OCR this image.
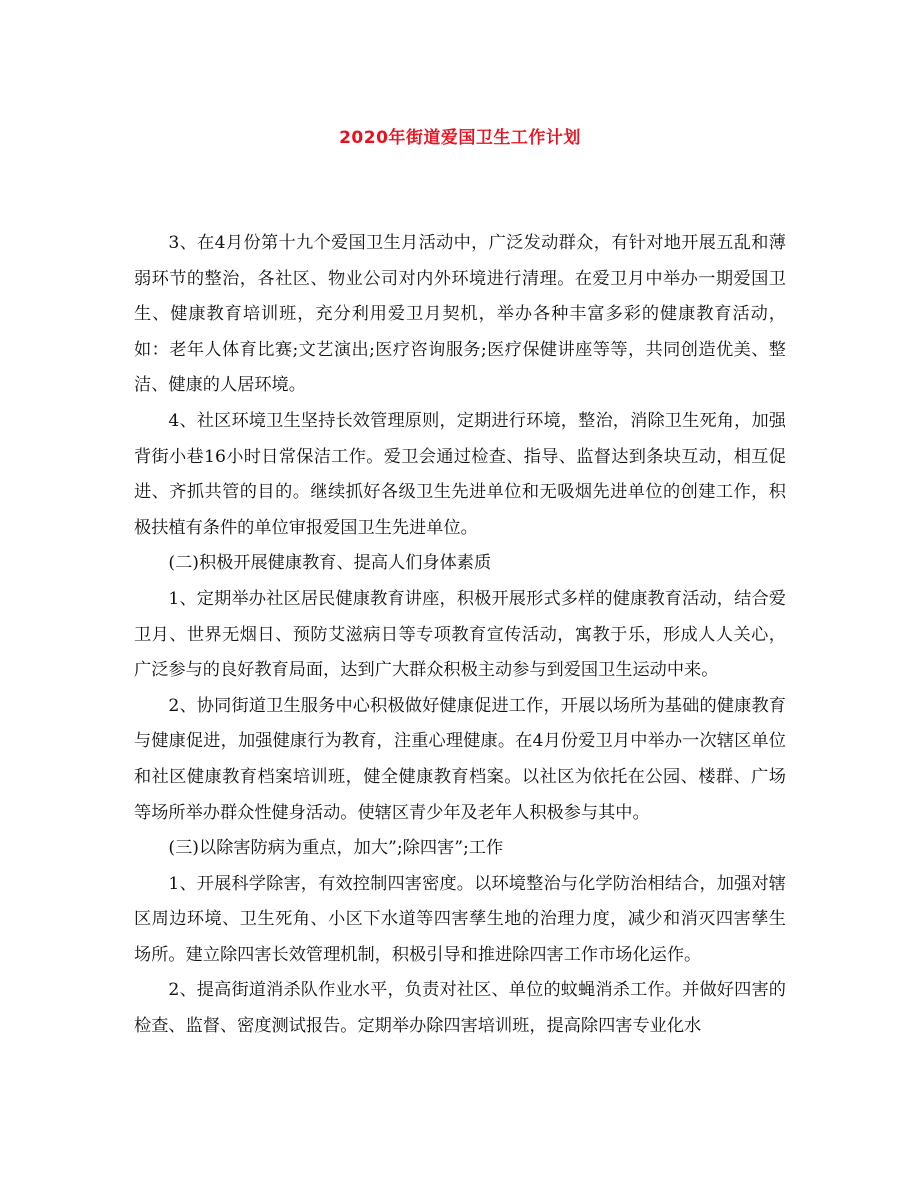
2020年街道爱国卫生工作计划

3、在4月份第十九个爱国卫生月活动中，广泛发动群众，有针对地开展五乱和薄弱环节的整治，各社区、物业公司对内外环境进行清理。在爱卫月中举办一期爱国卫生、健康教育培训班，充分利用爱卫月契机，举办各种丰富多彩的健康教育活动，如：老年人体育比赛;文艺演出;医疗咨询服务;医疗保健讲座等等，共同创造优美、整洁、健康的人居环境。

4、社区环境卫生坚持长效管理原则，定期进行环境，整治，消除卫生死角，加强背街小巷16小时日常保洁工作。爱卫会通过检查、指导、监督达到条块互动，相互促进、齐抓共管的目的。继续抓好各级卫生先进单位和无吸烟先进单位的创建工作，积极扶植有条件的单位审报爱国卫生先进单位。

(二)积极开展健康教育、提高人们身体素质

1、定期举办社区居民健康教育讲座，积极开展形式多样的健康教育活动，结合爱卫月、世界无烟日、预防艾滋病日等专项教育宣传活动，寓教于乐，形成人人关心，广泛参与的良好教育局面，达到广大群众积极主动参与到爱国卫生运动中来。

2、协同街道卫生服务中心积极做好健康促进工作，开展以场所为基础的健康教育与健康促进，加强健康行为教育，注重心理健康。在4月份爱卫月中举办一次辖区单位和社区健康教育档案培训班，健全健康教育档案。以社区为依托在公园、楼群、广场等场所举办群众性健身活动。使辖区青少年及老年人积极参与其中。

(三)以除害防病为重点，加大”;除四害”;工作

1、开展科学除害，有效控制四害密度。以环境整治与化学防治相结合，加强对辖区周边环境、卫生死角、小区下水道等四害孳生地的治理力度，减少和消灭四害孳生场所。建立除四害长效管理机制，积极引导和推进除四害工作市场化运作。

2、提高街道消杀队作业水平，负责对社区、单位的蚊蝇消杀工作。并做好四害的检查、监督、密度测试报告。定期举办除四害培训班，提高除四害专业化水
